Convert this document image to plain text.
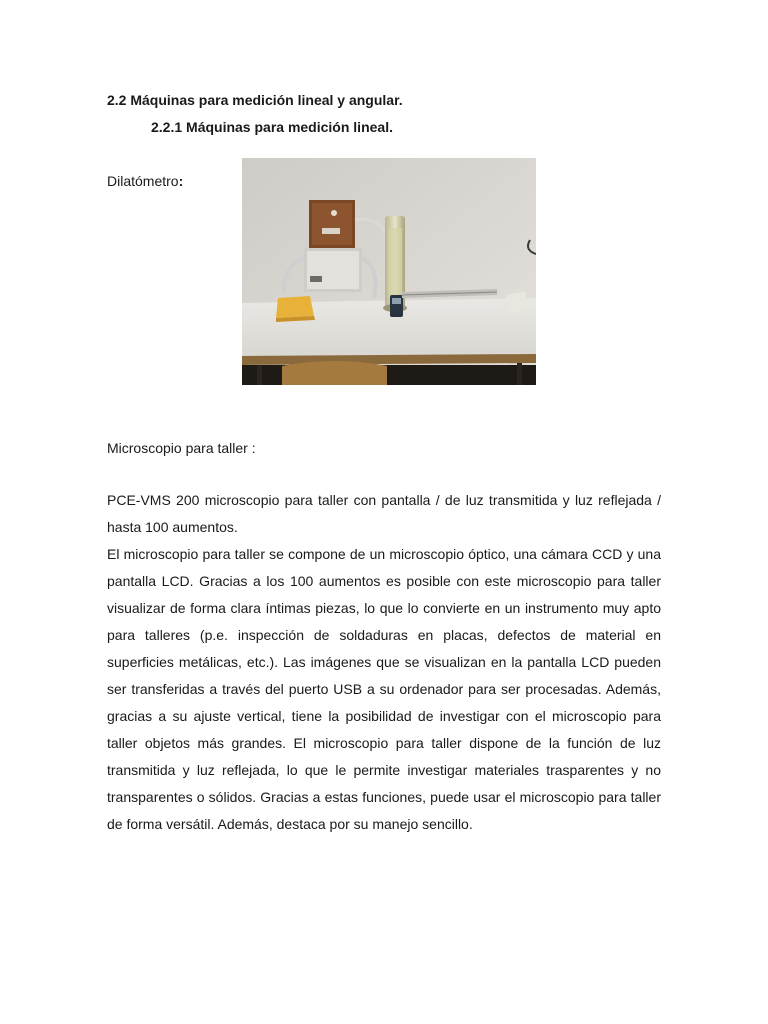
2.2 Máquinas para medición lineal y angular.
2.2.1 Máquinas para medición lineal.
Dilatómetro:
Microscopio para taller :

PCE-VMS 200 microscopio para taller con pantalla / de luz transmitida y luz reflejada / hasta 100 aumentos.

El microscopio para taller se compone de un microscopio óptico, una cámara CCD y una pantalla LCD. Gracias a los 100 aumentos es posible con este microscopio para taller visualizar de forma clara íntimas piezas, lo que lo convierte en un instrumento muy apto para talleres (p.e. inspección de soldaduras en placas, defectos de material en superficies metálicas, etc.). Las imágenes que se visualizan en la pantalla LCD pueden ser transferidas a través del puerto USB a su ordenador para ser procesadas. Además, gracias a su ajuste vertical, tiene la posibilidad de investigar con el microscopio para taller objetos más grandes. El microscopio para taller dispone de la función de luz transmitida y luz reflejada, lo que le permite investigar materiales trasparentes y no transparentes o sólidos. Gracias a estas funciones, puede usar el microscopio para taller de forma versátil. Además, destaca por su manejo sencillo.
